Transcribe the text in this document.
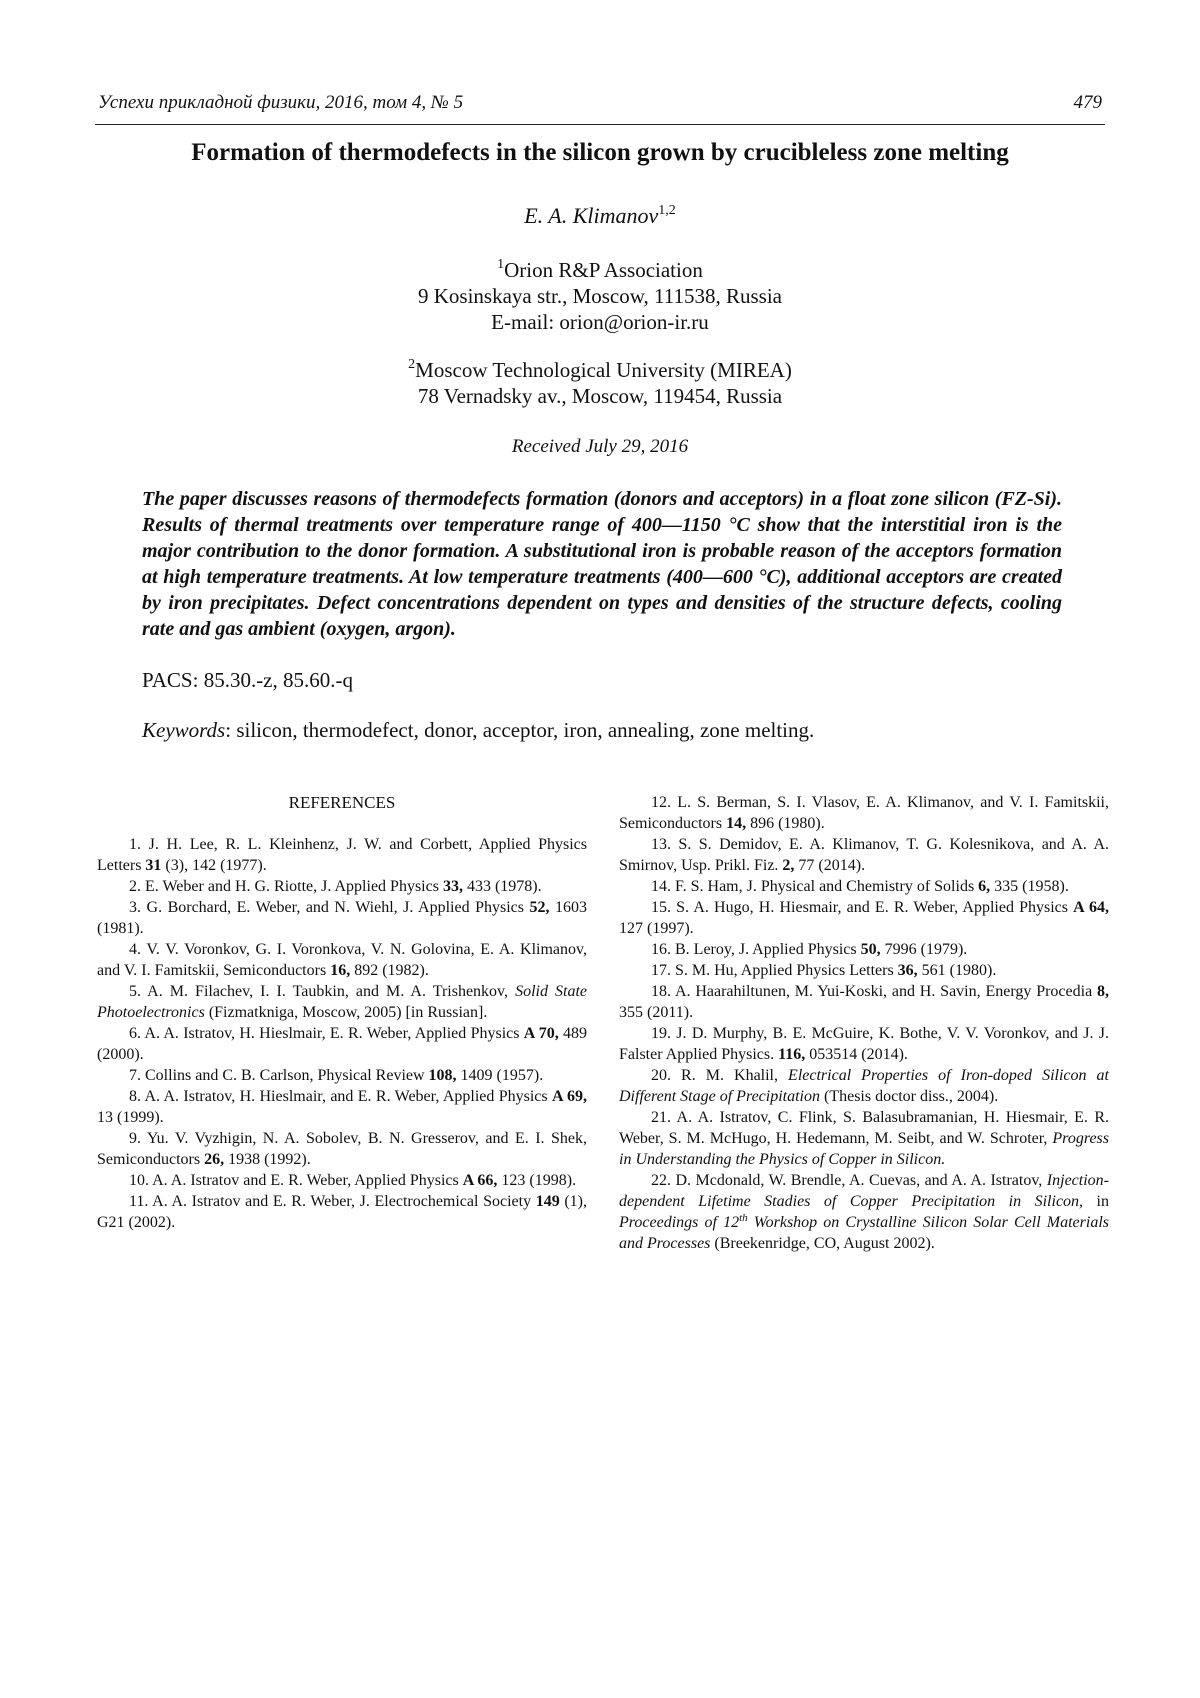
Успехи прикладной физики, 2016, том 4, № 5	479
Formation of thermodefects in the silicon grown by crucibleless zone melting
E. A. Klimanov$^{1,2}$
$^1$Orion R&P Association
9 Kosinskaya str., Moscow, 111538, Russia
E-mail: orion@orion-ir.ru
$^2$Moscow Technological University (MIREA)
78 Vernadsky av., Moscow, 119454, Russia
Received July 29, 2016

The paper discusses reasons of thermodefects formation (donors and acceptors) in a float zone silicon (FZ-Si). Results of thermal treatments over temperature range of 400—1150 °C show that the interstitial iron is the major contribution to the donor formation. A substitutional iron is probable reason of the acceptors formation at high temperature treatments. At low temperature treatments (400—600 °C), additional acceptors are created by iron precipitates. Defect concentrations dependent on types and densities of the structure defects, cooling rate and gas ambient (oxygen, argon).

PACS: 85.30.-z, 85.60.-q
Keywords: silicon, thermodefect, donor, acceptor, iron, annealing, zone melting.
REFERENCES

1. J. H. Lee, R. L. Kleinhenz, J. W. and Corbett, Applied Physics Letters 31 (3), 142 (1977).

2. E. Weber and H. G. Riotte, J. Applied Physics 33, 433 (1978).

3. G. Borchard, E. Weber, and N. Wiehl, J. Applied Physics 52, 1603 (1981).

4. V. V. Voronkov, G. I. Voronkova, V. N. Golovina, E. A. Klimanov, and V. I. Famitskii, Semiconductors 16, 892 (1982).

5. A. M. Filachev, I. I. Taubkin, and M. A. Trishenkov, Solid State Photoelectronics (Fizmatkniga, Moscow, 2005) [in Russian].

6. A. A. Istratov, H. Hieslmair, E. R. Weber, Applied Physics A 70, 489 (2000).

7. Collins and C. B. Carlson, Physical Review 108, 1409 (1957).

8. A. A. Istratov, H. Hieslmair, and E. R. Weber, Applied Physics A 69, 13 (1999).

9. Yu. V. Vyzhigin, N. A. Sobolev, B. N. Gresserov, and E. I. Shek, Semiconductors 26, 1938 (1992).

10. A. A. Istratov and E. R. Weber, Applied Physics A 66, 123 (1998).

11. A. A. Istratov and E. R. Weber, J. Electrochemical Society 149 (1), G21 (2002).

12. L. S. Berman, S. I. Vlasov, E. A. Klimanov, and V. I. Famitskii, Semiconductors 14, 896 (1980).

13. S. S. Demidov, E. A. Klimanov, T. G. Kolesnikova, and A. A. Smirnov, Usp. Prikl. Fiz. 2, 77 (2014).

14. F. S. Ham, J. Physical and Chemistry of Solids 6, 335 (1958).

15. S. A. Hugo, H. Hiesmair, and E. R. Weber, Applied Physics A 64, 127 (1997).

16. B. Leroy, J. Applied Physics 50, 7996 (1979).

17. S. M. Hu, Applied Physics Letters 36, 561 (1980).

18. A. Haarahiltunen, M. Yui-Koski, and H. Savin, Energy Procedia 8, 355 (2011).

19. J. D. Murphy, B. E. McGuire, K. Bothe, V. V. Voronkov, and J. J. Falster Applied Physics. 116, 053514 (2014).

20. R. M. Khalil, Electrical Properties of Iron-doped Silicon at Different Stage of Precipitation (Thesis doctor diss., 2004).

21. A. A. Istratov, C. Flink, S. Balasubramanian, H. Hiesmair, E. R. Weber, S. M. McHugo, H. Hedemann, M. Seibt, and W. Schroter, Progress in Understanding the Physics of Copper in Silicon.

22. D. Mcdonald, W. Brendle, A. Cuevas, and A. A. Istratov, Injection-dependent Lifetime Stadies of Copper Precipitation in Silicon, in Proceedings of 12th Workshop on Crystalline Silicon Solar Cell Materials and Processes (Breekenridge, CO, August 2002).
